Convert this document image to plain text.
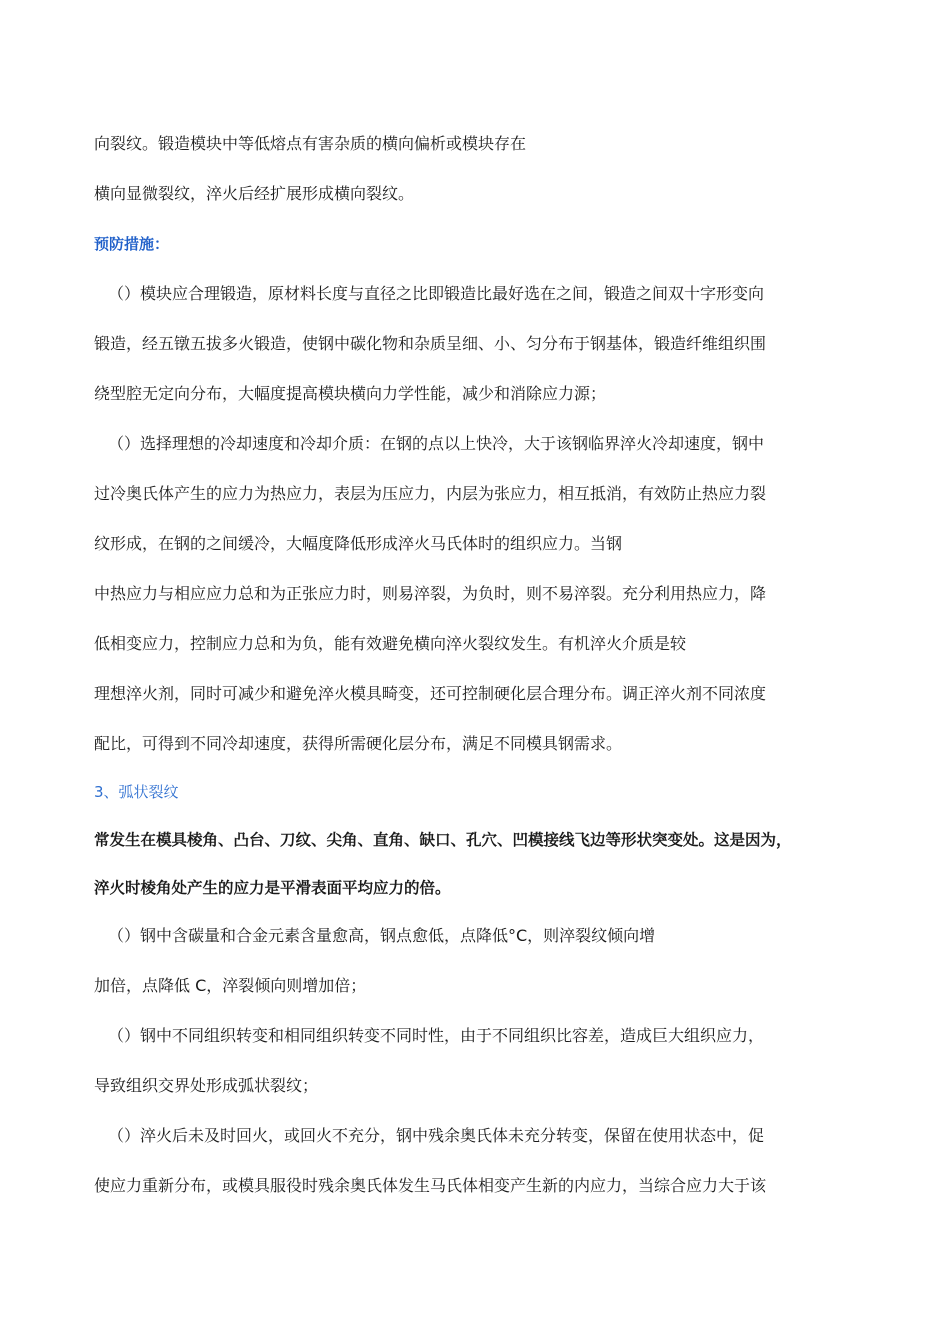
向裂纹。锻造模块中等低熔点有害杂质的横向偏析或模块存在
横向显微裂纹，淬火后经扩展形成横向裂纹。
预防措施：
（）模块应合理锻造，原材料长度与直径之比即锻造比最好选在之间，锻造之间双十字形变向
锻造，经五镦五拔多火锻造，使钢中碳化物和杂质呈细、小、匀分布于钢基体，锻造纤维组织围
绕型腔无定向分布，大幅度提高模块横向力学性能，减少和消除应力源；
（）选择理想的冷却速度和冷却介质：在钢的点以上快冷，大于该钢临界淬火冷却速度，钢中
过冷奥氏体产生的应力为热应力，表层为压应力，内层为张应力，相互抵消，有效防止热应力裂
纹形成，在钢的之间缓冷，大幅度降低形成淬火马氏体时的组织应力。当钢
中热应力与相应应力总和为正张应力时，则易淬裂，为负时，则不易淬裂。充分利用热应力，降
低相变应力，控制应力总和为负，能有效避免横向淬火裂纹发生。有机淬火介质是较
理想淬火剂，同时可减少和避免淬火模具畸变，还可控制硬化层合理分布。调正淬火剂不同浓度
配比，可得到不同冷却速度，获得所需硬化层分布，满足不同模具钢需求。
3、弧状裂纹
常发生在模具棱角、凸台、刀纹、尖角、直角、缺口、孔穴、凹模接线飞边等形状突变处。这是因为，
淬火时棱角处产生的应力是平滑表面平均应力的倍。
（）钢中含碳量和合金元素含量愈高，钢点愈低，点降低°C，则淬裂纹倾向增
加倍，点降低 C，淬裂倾向则增加倍；
（）钢中不同组织转变和相同组织转变不同时性，由于不同组织比容差，造成巨大组织应力，
导致组织交界处形成弧状裂纹；
（）淬火后未及时回火，或回火不充分，钢中残余奥氏体未充分转变，保留在使用状态中，促
使应力重新分布，或模具服役时残余奥氏体发生马氏体相变产生新的内应力，当综合应力大于该
